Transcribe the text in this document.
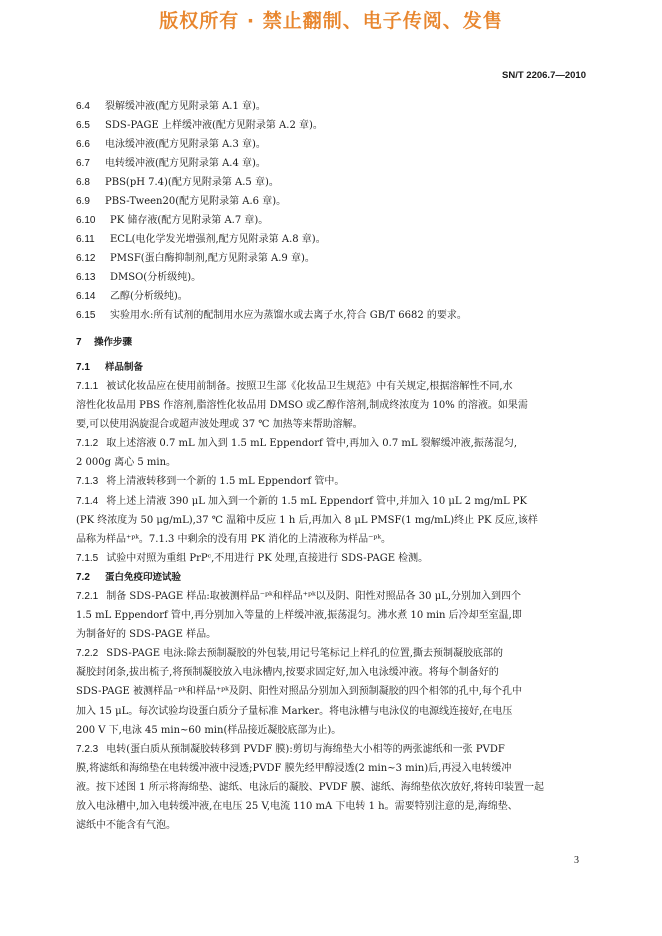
版权所有 · 禁止翻制、电子传阅、发售
SN/T 2206.7—2010
6.4	裂解缓冲液(配方见附录第 A.1 章)。
6.5	SDS-PAGE 上样缓冲液(配方见附录第 A.2 章)。
6.6	电泳缓冲液(配方见附录第 A.3 章)。
6.7	电转缓冲液(配方见附录第 A.4 章)。
6.8	PBS(pH 7.4)(配方见附录第 A.5 章)。
6.9	PBS-Tween20(配方见附录第 A.6 章)。
6.10	PK 储存液(配方见附录第 A.7 章)。
6.11	ECL(电化学发光增强剂,配方见附录第 A.8 章)。
6.12	PMSF(蛋白酶抑制剂,配方见附录第 A.9 章)。
6.13	DMSO(分析级纯)。
6.14	乙醇(分析级纯)。
6.15	实验用水:所有试剂的配制用水应为蒸馏水或去离子水,符合 GB/T 6682 的要求。
7	操作步骤
7.1	样品制备

7.1.1 被试化妆品应在使用前制备。按照卫生部《化妆品卫生规范》中有关规定,根据溶解性不同,水
溶性化妆品用 PBS 作溶剂,脂溶性化妆品用 DMSO 或乙醇作溶剂,制成终浓度为 10% 的溶液。如果需
要,可以使用涡旋混合或超声波处理或 37 ℃ 加热等来帮助溶解。

7.1.2 取上述溶液 0.7 mL 加入到 1.5 mL Eppendorf 管中,再加入 0.7 mL 裂解缓冲液,振荡混匀,
2 000g 离心 5 min。

7.1.3 将上清液转移到一个新的 1.5 mL Eppendorf 管中。

7.1.4 将上述上清液 390 μL 加入到一个新的 1.5 mL Eppendorf 管中,并加入 10 μL 2 mg/mL PK
(PK 终浓度为 50 μg/mL),37 ℃ 温箱中反应 1 h 后,再加入 8 μL PMSF(1 mg/mL)终止 PK 反应,该样
品称为样品⁺ᵖᵏ。7.1.3 中剩余的没有用 PK 消化的上清液称为样品⁻ᵖᵏ。

7.1.5 试验中对照为重组 PrPᶜ,不用进行 PK 处理,直接进行 SDS-PAGE 检测。

7.2	蛋白免疫印迹试验

7.2.1 制备 SDS-PAGE 样品:取被测样品⁻ᵖᵏ和样品⁺ᵖᵏ以及阴、阳性对照品各 30 μL,分别加入到四个
1.5 mL Eppendorf 管中,再分别加入等量的上样缓冲液,振荡混匀。沸水煮 10 min 后冷却至室温,即
为制备好的 SDS-PAGE 样品。

7.2.2 SDS-PAGE 电泳:除去预制凝胶的外包装,用记号笔标记上样孔的位置,撕去预制凝胶底部的
凝胶封闭条,拔出梳子,将预制凝胶放入电泳槽内,按要求固定好,加入电泳缓冲液。将每个制备好的
SDS-PAGE 被测样品⁻ᵖᵏ和样品⁺ᵖᵏ及阴、阳性对照品分别加入到预制凝胶的四个相邻的孔中,每个孔中
加入 15 μL。每次试验均设蛋白质分子量标准 Marker。将电泳槽与电泳仪的电源线连接好,在电压
200 V 下,电泳 45 min~60 min(样品接近凝胶底部为止)。

7.2.3 电转(蛋白质从预制凝胶转移到 PVDF 膜):剪切与海绵垫大小相等的两张滤纸和一张 PVDF
膜,将滤纸和海绵垫在电转缓冲液中浸透;PVDF 膜先经甲醇浸透(2 min~3 min)后,再浸入电转缓冲
液。按下述图 1 所示将海绵垫、滤纸、电泳后的凝胶、PVDF 膜、滤纸、海绵垫依次放好,将转印装置一起
放入电泳槽中,加入电转缓冲液,在电压 25 V,电流 110 mA 下电转 1 h。需要特别注意的是,海绵垫、
滤纸中不能含有气泡。

3
